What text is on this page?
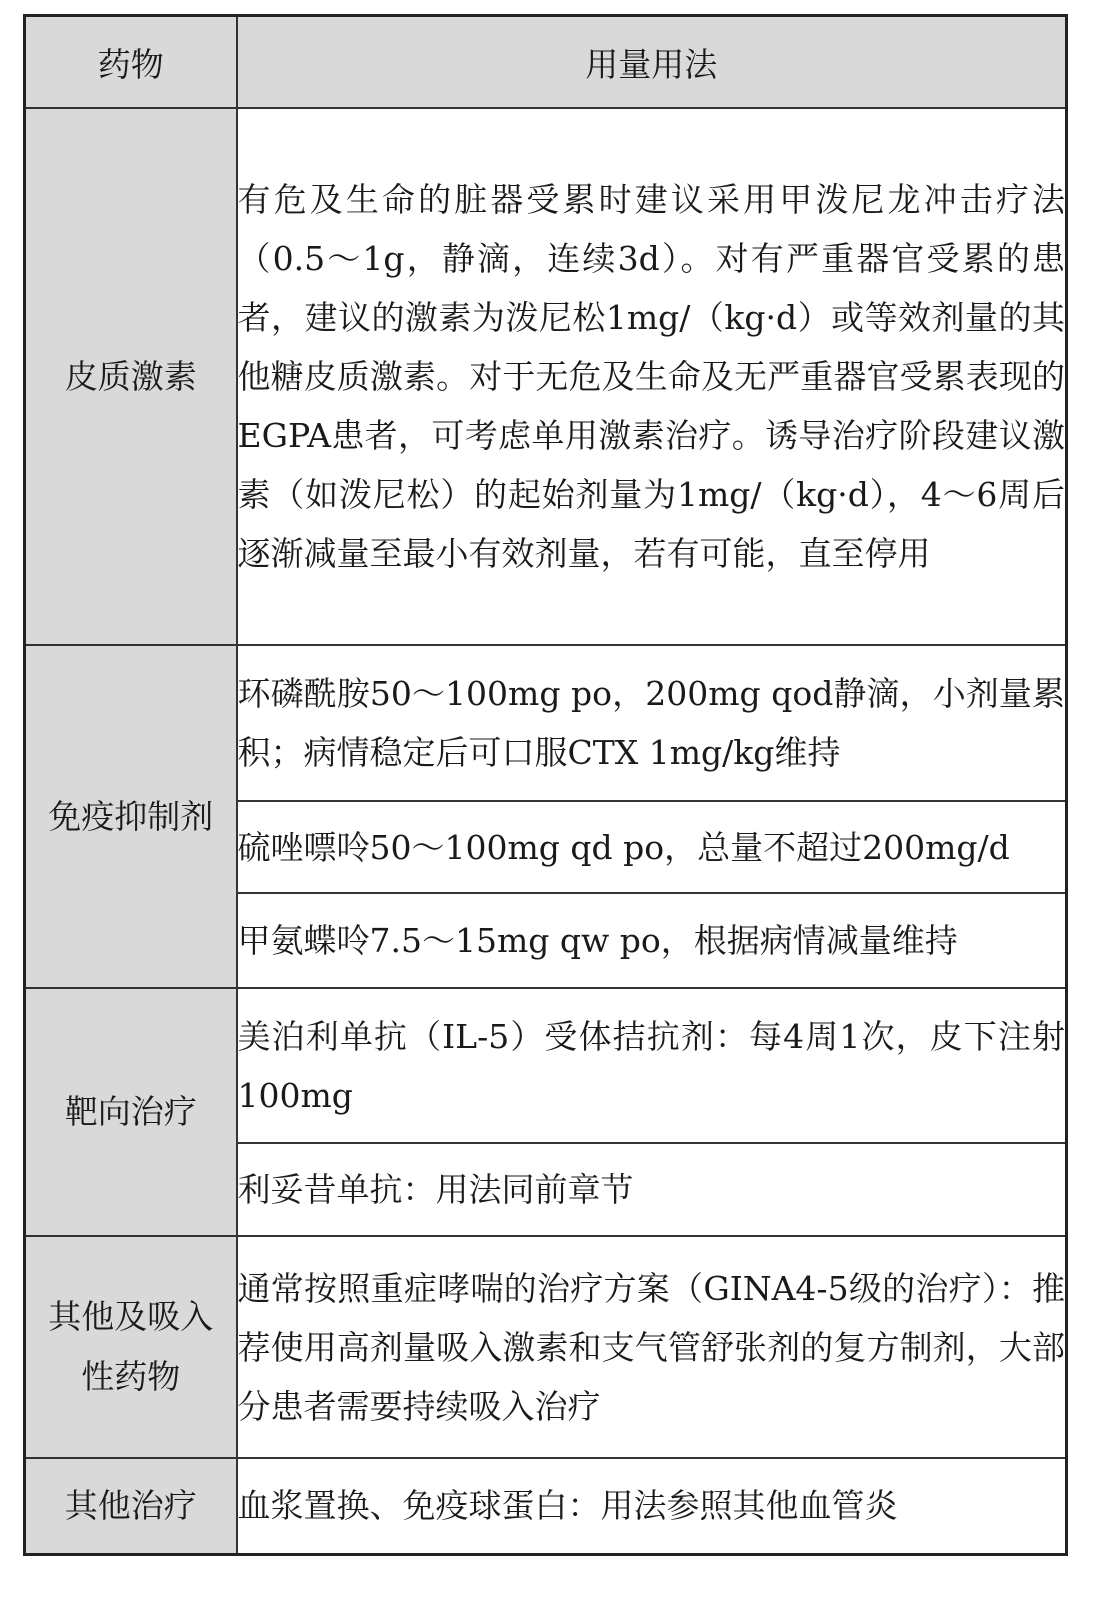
药物	用量用法
皮质激素	有危及生命的脏器受累时建议采用甲泼尼龙冲击疗法（0.5～1g，静滴，连续3d）。对有严重器官受累的患者，建议的激素为泼尼松1mg/（kg·d）或等效剂量的其他糖皮质激素。对于无危及生命及无严重器官受累表现的EGPA患者，可考虑单用激素治疗。诱导治疗阶段建议激素（如泼尼松）的起始剂量为1mg/（kg·d），4～6周后逐渐减量至最小有效剂量，若有可能，直至停用
免疫抑制剂	环磷酰胺50～100mg po，200mg qod静滴，小剂量累积；病情稳定后可口服CTX 1mg/kg维持
	硫唑嘌呤50～100mg qd po，总量不超过200mg/d
	甲氨蝶呤7.5～15mg qw po，根据病情减量维持
靶向治疗	美泊利单抗（IL-5）受体拮抗剂：每4周1次，皮下注射100mg
	利妥昔单抗：用法同前章节
其他及吸入性药物	通常按照重症哮喘的治疗方案（GINA4-5级的治疗）：推荐使用高剂量吸入激素和支气管舒张剂的复方制剂，大部分患者需要持续吸入治疗
其他治疗	血浆置换、免疫球蛋白：用法参照其他血管炎
